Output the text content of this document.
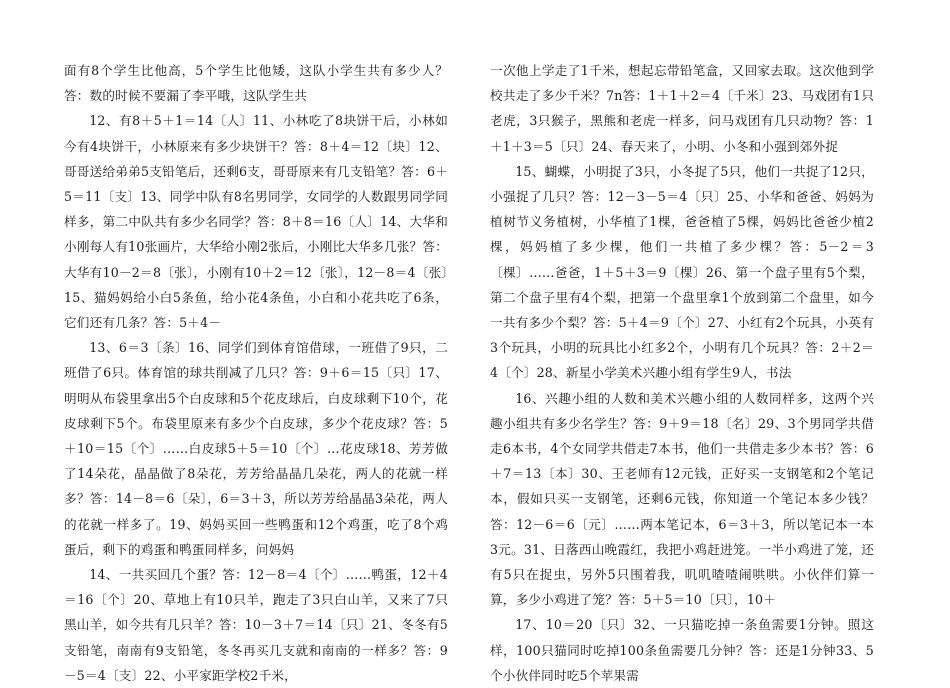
面有8个学生比他高，5个学生比他矮，这队小学生共有多少人？答：数的时候不要漏了李平哦，这队学生共

12、有8＋5＋1＝14〔人〕11、小林吃了8块饼干后，小林如今有4块饼干，小林原来有多少块饼干？答：8＋4＝12〔块〕12、哥哥送给弟弟5支铅笔后，还剩6支，哥哥原来有几支铅笔？答：6＋5＝11〔支〕13、同学中队有8名男同学，女同学的人数跟男同学同样多，第二中队共有多少名同学？答：8＋8＝16〔人〕14、大华和小刚每人有10张画片，大华给小刚2张后，小刚比大华多几张？答：大华有10－2＝8〔张〕，小刚有10＋2＝12〔张〕，12－8＝4〔张〕15、猫妈妈给小白5条鱼，给小花4条鱼，小白和小花共吃了6条，它们还有几条？答：5＋4－

13、6＝3〔条〕16、同学们到体育馆借球，一班借了9只，二班借了6只。体育馆的球共削减了几只？答：9＋6＝15〔只〕17、明明从布袋里拿出5个白皮球和5个花皮球后，白皮球剩下10个，花皮球剩下5个。布袋里原来有多少个白皮球，多少个花皮球？答：5＋10＝15〔个〕……白皮球5＋5＝10〔个〕…花皮球18、芳芳做了14朵花，晶晶做了8朵花，芳芳给晶晶几朵花，两人的花就一样多？答：14－8＝6〔朵〕，6＝3＋3，所以芳芳给晶晶3朵花，两人的花就一样多了。19、妈妈买回一些鸭蛋和12个鸡蛋，吃了8个鸡蛋后，剩下的鸡蛋和鸭蛋同样多，问妈妈

14、一共买回几个蛋？答：12－8＝4〔个〕……鸭蛋，12＋4＝16〔个〕20、草地上有10只羊，跑走了3只白山羊，又来了7只黑山羊，如今共有几只羊？答：10－3＋7＝14〔只〕21、冬冬有5支铅笔，南南有9支铅笔，冬冬再买几支就和南南的一样多？答：9－5＝4〔支〕22、小平家距学校2千米，

一次他上学走了1千米，想起忘带铅笔盒，又回家去取。这次他到学校共走了多少千米？7n答：1＋1＋2＝4〔千米〕23、马戏团有1只老虎，3只猴子，黑熊和老虎一样多，问马戏团有几只动物？答：1＋1＋3＝5〔只〕24、春天来了，小明、小冬和小强到郊外捉

15、蝴蝶，小明捉了3只，小冬捉了5只，他们一共捉了12只，小强捉了几只？答：12－3－5＝4〔只〕25、小华和爸爸、妈妈为植树节义务植树，小华植了1棵，爸爸植了5棵，妈妈比爸爸少植2棵，妈妈植了多少棵，他们一共植了多少棵？答：5－2＝3〔棵〕……爸爸，1＋5＋3＝9〔棵〕26、第一个盘子里有5个梨，第二个盘子里有4个梨，把第一个盘里拿1个放到第二个盘里，如今一共有多少个梨？答：5＋4＝9〔个〕27、小红有2个玩具，小英有3个玩具，小明的玩具比小红多2个，小明有几个玩具？答：2＋2＝4〔个〕28、新星小学美术兴趣小组有学生9人，书法

16、兴趣小组的人数和美术兴趣小组的人数同样多，这两个兴趣小组共有多少名学生？答：9＋9＝18〔名〕29、3个男同学共借走6本书，4个女同学共借走7本书，他们一共借走多少本书？答：6＋7＝13〔本〕30、王老师有12元钱，正好买一支钢笔和2个笔记本，假如只买一支钢笔，还剩6元钱，你知道一个笔记本多少钱？答：12－6＝6〔元〕……两本笔记本，6＝3＋3，所以笔记本一本3元。31、日落西山晚霞红，我把小鸡赶进笼。一半小鸡进了笼，还有5只在捉虫，另外5只围着我，叽叽喳喳闹哄哄。小伙伴们算一算，多少小鸡进了笼？答：5＋5＝10〔只〕，10＋

17、10＝20〔只〕32、一只猫吃掉一条鱼需要1分钟。照这样，100只猫同时吃掉100条鱼需要几分钟？答：还是1分钟33、5个小伙伴同时吃5个苹果需
